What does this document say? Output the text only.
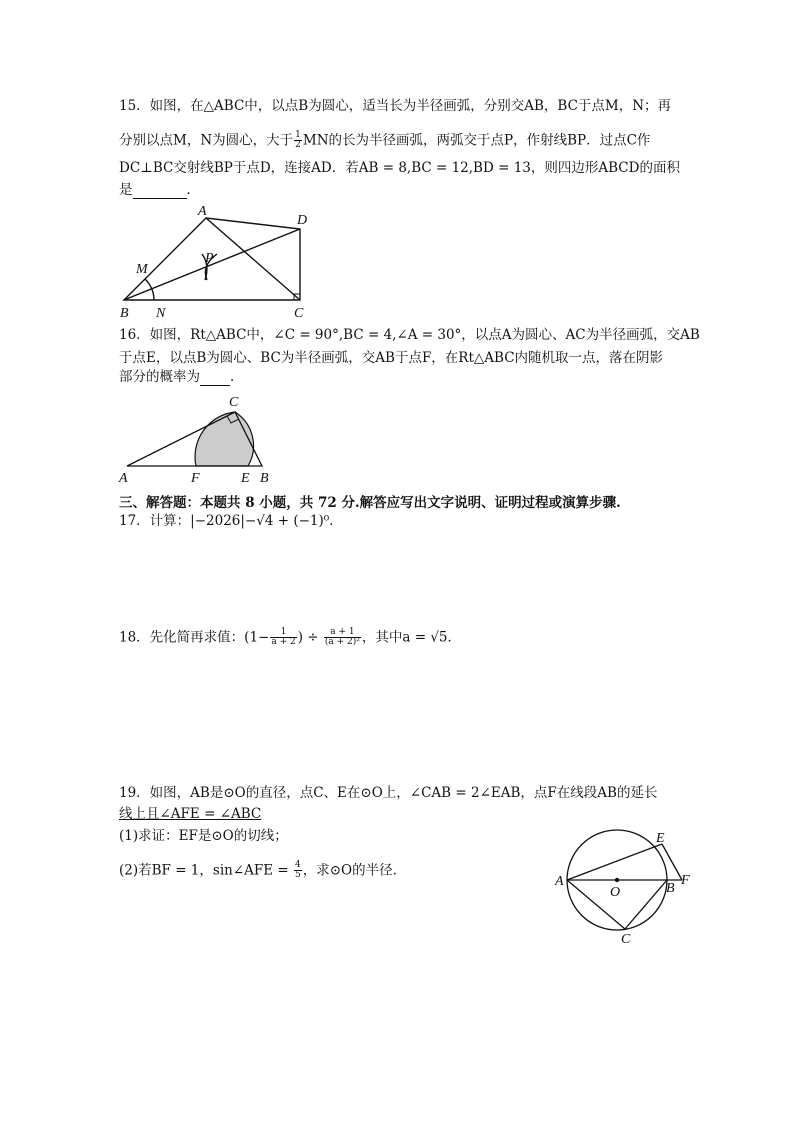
15．如图，在△ABC中，以点B为圆心，适当长为半径画弧，分别交AB，BC于点M，N；再
分别以点M，N为圆心，大于 $\frac{1}{2}$ MN的长为半径画弧，两弧交于点P，作射线BP．过点C作
DC⊥BC交射线BP于点D，连接AD．若AB = 8,BC = 12,BD = 13，则四边形ABCD的面积
是	．
A
D
M
P
B N	C
16．如图，Rt△ABC中，∠C = 90°,BC = 4,∠A = 30°，以点A为圆心、AC为半径画弧，交AB
于点E，以点B为圆心、BC为半径画弧，交AB于点F，在Rt△ABC内随机取一点，落在阴影
部分的概率为 ．
C
A	F	E B
三、解答题：本题共 8 小题，共 72 分.解答应写出文字说明、证明过程或演算步骤.
17．计算：|−2026|−√4 + (−1)⁰．
18．先化简再求值：($1- \frac{1}{a + 2}$ ) ÷ $\frac{a + 1}{\text{(a + 2)²}}$ ，其中a = √5．
19．如图，AB是⊙O的直径，点C、E在⊙O上，∠CAB = 2∠EAB，点F在线段AB的延长
线上且∠AFE = ∠ABC
(1)求证：EF是⊙O的切线；
(2)若BF = 1，sin∠AFE = $\frac{4}{5}$ ，求⊙O的半径．
E
A
O	B
F
C
